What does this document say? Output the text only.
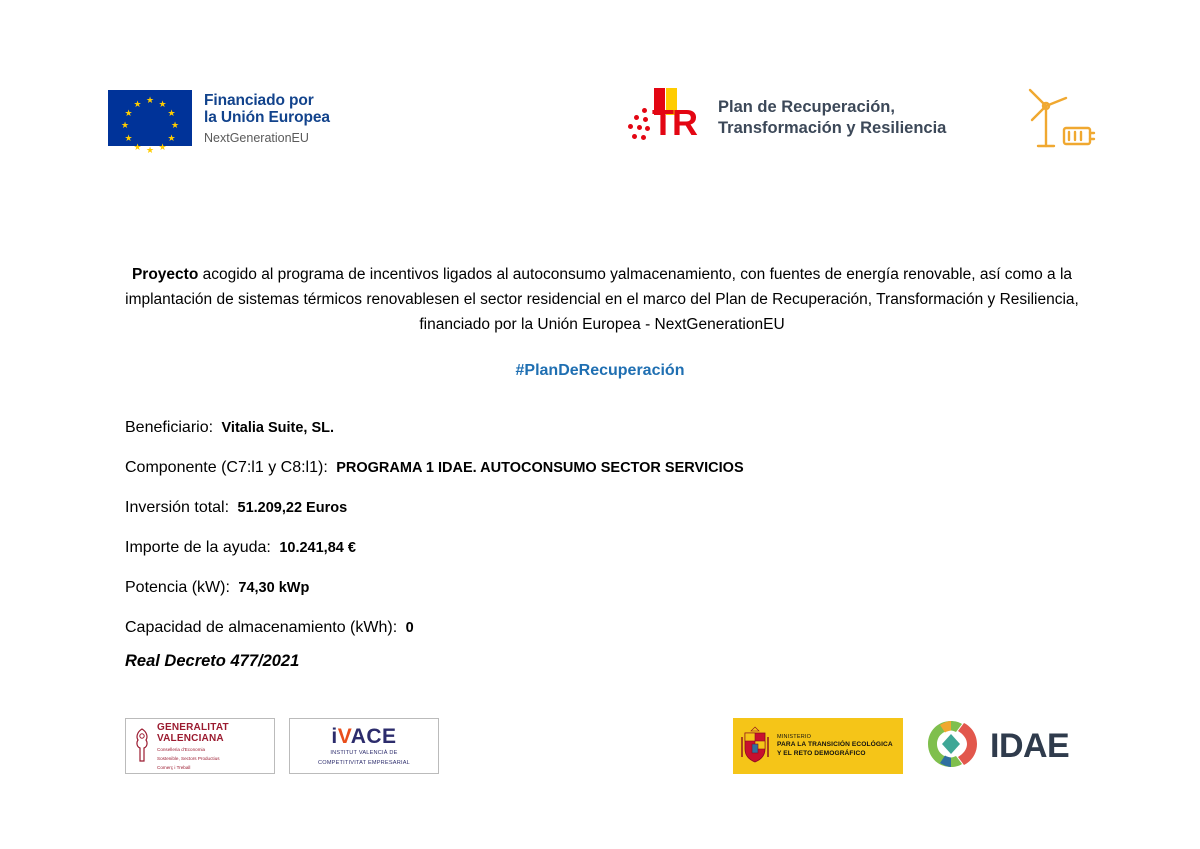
★ ★
★
★
★
★
★
★
★
★
★
★	Financiado por
la Unión Europea
NextGenerationEU	TR Plan de Recuperación,
Transformación y Resiliencia
Proyecto acogido al programa de incentivos ligados al autoconsumo yalmacenamiento, con fuentes de energía renovable, así como a la implantación de sistemas térmicos renovablesen el sector residencial en el marco del Plan de Recuperación, Transformación y Resiliencia, financiado por la Unión Europea - NextGenerationEU
#PlanDeRecuperación
Beneficiario: Vitalia Suite, SL.
Componente (C7:l1 y C8:l1): PROGRAMA 1 IDAE. AUTOCONSUMO SECTOR SERVICIOS
Inversión total: 51.209,22 Euros
Importe de la ayuda: 10.241,84 €
Potencia (kW): 74,30 kWp
Capacidad de almacenamiento (kWh): 0
Real Decreto 477/2021
GENERALITAT
VALENCIANA
Conselleria d'Economia
Sostenible, Sectors Productius
Comerç i Treball
iVACE
INSTITUT VALENCIÀ DE
COMPETITIVITAT EMPRESARIAL
MINISTERIO
PARA LA TRANSICIÓN ECOLÓGICA
Y EL RETO DEMOGRÁFICO	IDAE
